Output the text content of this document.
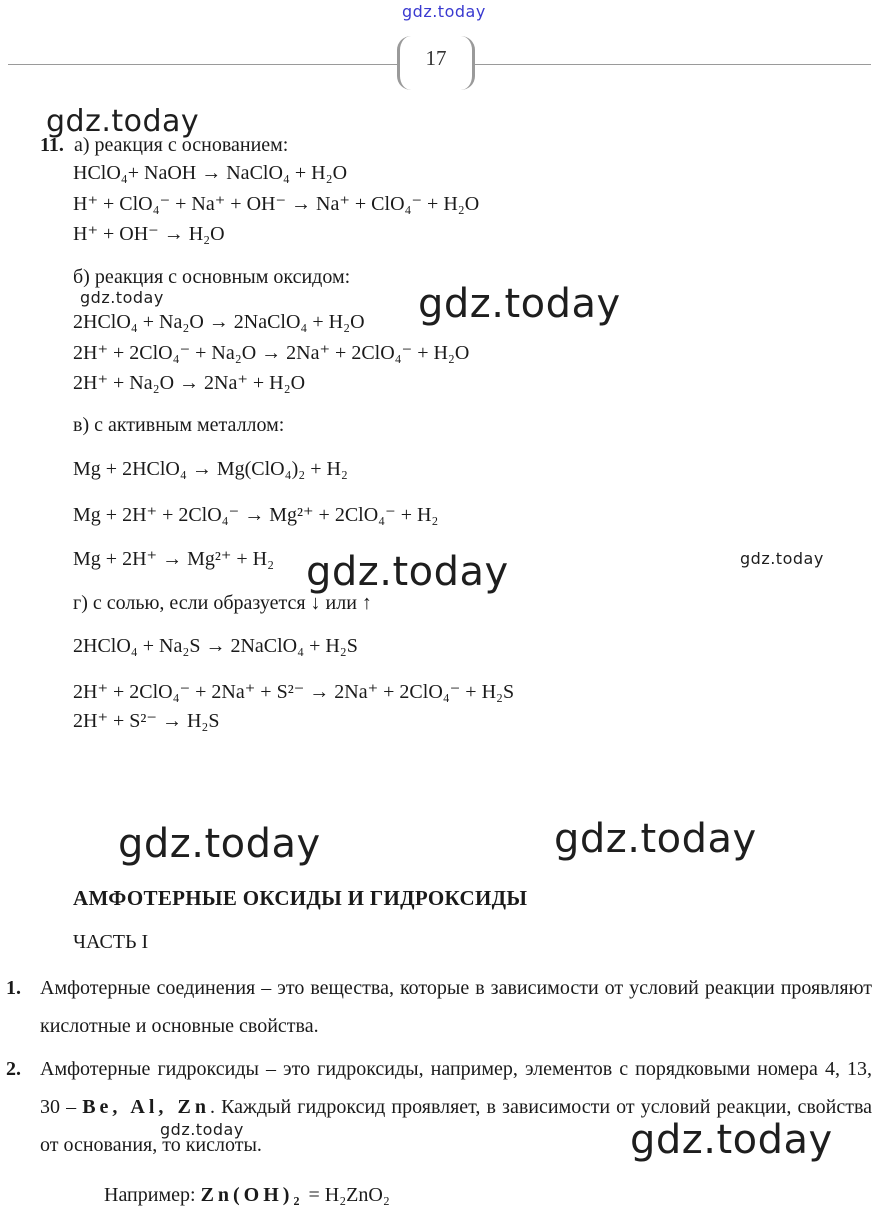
gdz.today
17
gdz.today
gdz.today	gdz.today
gdz.today
gdz.today
gdz.today	gdz.today
gdz.today	gdz.today
11. а) реакция с основанием:
HClO₄+ NaOH → NaClO₄ + H₂O
H⁺ + ClO₄⁻ + Na⁺ + OH⁻ → Na⁺ + ClO₄⁻ + H₂O
H⁺ + OH⁻ → H₂O
б) реакция с основным оксидом:
2HClO₄ + Na₂O → 2NaClO₄ + H₂O
2H⁺ + 2ClO₄⁻ + Na₂O → 2Na⁺ + 2ClO₄⁻ + H₂O
2H⁺ + Na₂O → 2Na⁺ + H₂O
в) с активным металлом:
Mg + 2HClO₄ → Mg(ClO₄)₂ + H₂
Mg + 2H⁺ + 2ClO₄⁻ → Mg²⁺ + 2ClO₄⁻ + H₂
Mg + 2H⁺ → Mg²⁺ + H₂
г) с солью, если образуется ↓ или ↑
2HClO₄ + Na₂S → 2NaClO₄ + H₂S
2H⁺ + 2ClO₄⁻ + 2Na⁺ + S²⁻ → 2Na⁺ + 2ClO₄⁻ + H₂S
2H⁺ + S²⁻ → H₂S
АМФОТЕРНЫЕ ОКСИДЫ И ГИДРОКСИДЫ
ЧАСТЬ I
1. Амфотерные соединения – это вещества, которые в зависимости от условий реакции проявляют кислотные и основные свойства.
2. Амфотерные гидроксиды – это гидроксиды, например, элементов с порядковыми номера 4, 13, 30 – Be, Al, Zn. Каждый гидроксид проявляет, в зависимости от условий реакции, свойства от основания, то кислоты.
Например: Zn(OH)₂ = H₂ZnO₂
